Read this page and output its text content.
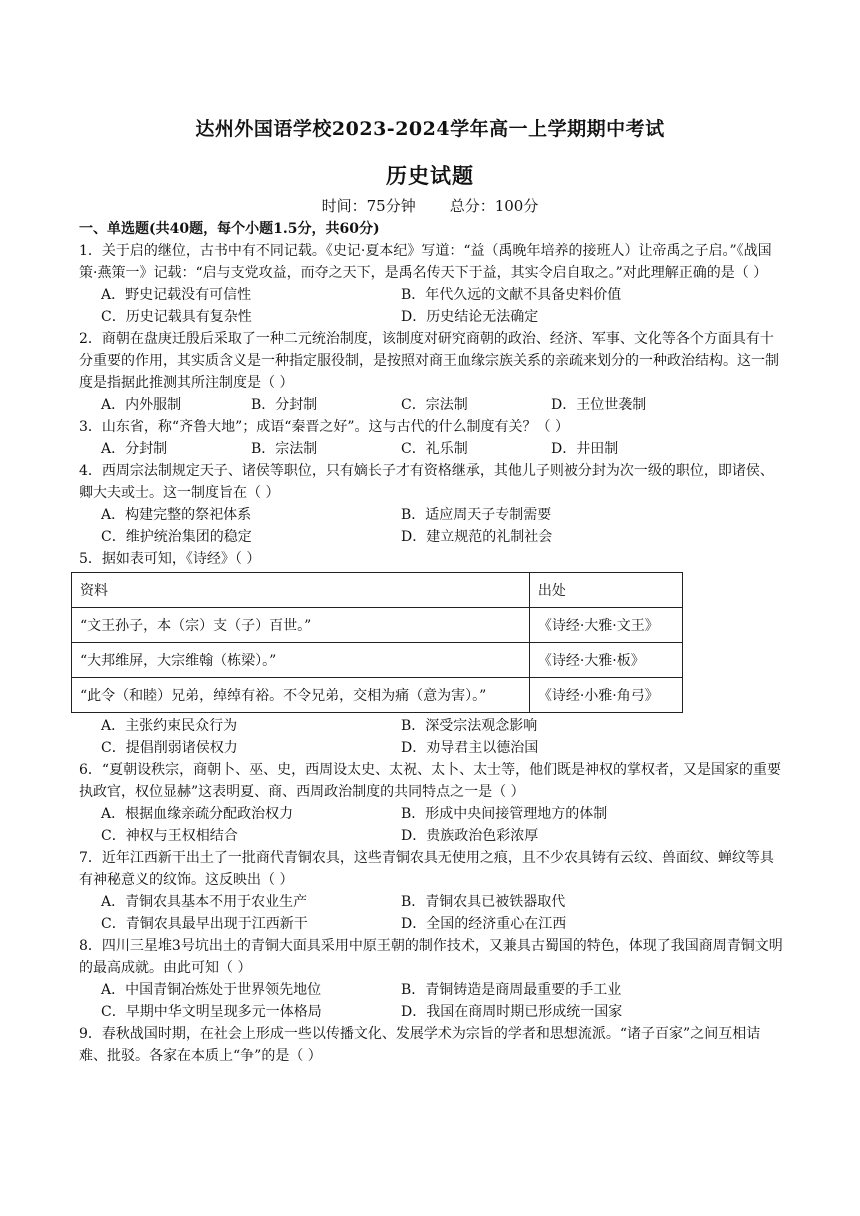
达州外国语学校2023-2024学年高一上学期期中考试
历史试题
时间：75分钟 总分：100分

一、单选题(共40题，每个小题1.5分，共60分)

1．关于启的继位，古书中有不同记载。《史记·夏本纪》写道：“益（禹晚年培养的接班人）让帝禹之子启。”《战国策·燕策一》记载：“启与支党攻益，而夺之天下，是禹名传天下于益，其实令启自取之。”对此理解正确的是（ ）

A．野史记载没有可信性	B．年代久远的文献不具备史料价值
C．历史记载具有复杂性	D．历史结论无法确定

2．商朝在盘庚迁殷后采取了一种二元统治制度，该制度对研究商朝的政治、经济、军事、文化等各个方面具有十分重要的作用，其实质含义是一种指定服役制，是按照对商王血缘宗族关系的亲疏来划分的一种政治结构。这一制度是指据此推测其所注制度是（ ）

A．内外服制	B．分封制	C．宗法制	D．王位世袭制

3．山东省，称“齐鲁大地”；成语“秦晋之好”。这与古代的什么制度有关？（ ）

A．分封制	B．宗法制	C．礼乐制	D．井田制

4．西周宗法制规定天子、诸侯等职位，只有嫡长子才有资格继承，其他儿子则被分封为次一级的职位，即诸侯、卿大夫或士。这一制度旨在（ ）

A．构建完整的祭祀体系	B．适应周天子专制需要
C．维护统治集团的稳定	D．建立规范的礼制社会

5．据如表可知，《诗经》（ ）

资料	出处
“文王孙子，本（宗）支（子）百世。”	《诗经·大雅·文王》
“大邦维屏，大宗维翰（栋梁）。”	《诗经·大雅·板》
“此令（和睦）兄弟，绰绰有裕。不令兄弟，交相为痛（意为害）。”	《诗经·小雅·角弓》
A．主张约束民众行为	B．深受宗法观念影响
C．提倡削弱诸侯权力	D．劝导君主以德治国

6．“夏朝设秩宗，商朝卜、巫、史，西周设太史、太祝、太卜、太士等，他们既是神权的掌权者，又是国家的重要执政官，权位显赫”这表明夏、商、西周政治制度的共同特点之一是（ ）

A．根据血缘亲疏分配政治权力	B．形成中央间接管理地方的体制
C．神权与王权相结合	D．贵族政治色彩浓厚

7．近年江西新干出土了一批商代青铜农具，这些青铜农具无使用之痕，且不少农具铸有云纹、兽面纹、蝉纹等具有神秘意义的纹饰。这反映出（ ）

A．青铜农具基本不用于农业生产	B．青铜农具已被铁器取代
C．青铜农具最早出现于江西新干	D．全国的经济重心在江西

8．四川三星堆3号坑出土的青铜大面具采用中原王朝的制作技术，又兼具古蜀国的特色，体现了我国商周青铜文明的最高成就。由此可知（ ）

A．中国青铜冶炼处于世界领先地位	B．青铜铸造是商周最重要的手工业
C．早期中华文明呈现多元一体格局	D．我国在商周时期已形成统一国家

9．春秋战国时期，在社会上形成一些以传播文化、发展学术为宗旨的学者和思想流派。“诸子百家”之间互相诘难、批驳。各家在本质上“争”的是（ ）
